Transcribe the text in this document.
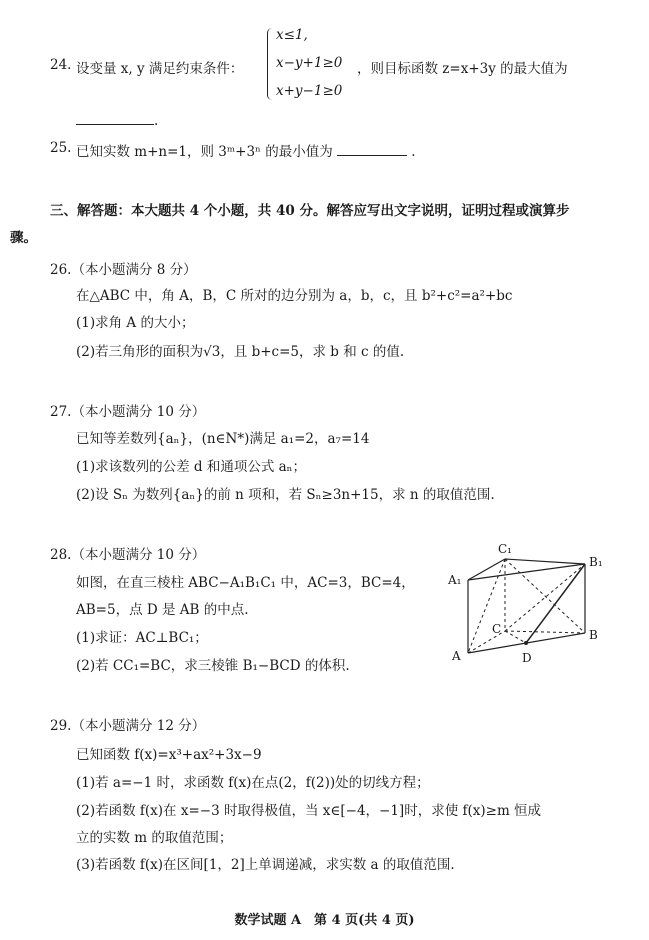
24. 设变量 x, y 满足约束条件：
x≤1,
x−y+1≥0
x+y−1≥0
，则目标函数 z=x+3y 的最大值为
.
25. 已知实数 m+n=1，则 3ᵐ+3ⁿ 的最小值为	.
三、解答题：本大题共 4 个小题，共 40 分。解答应写出文字说明，证明过程或演算步
骤。
26.（本小题满分 8 分）
在△ABC 中，角 A，B，C 所对的边分别为 a，b，c，且 b²+c²=a²+bc
(1)求角 A 的大小；
(2)若三角形的面积为√3，且 b+c=5，求 b 和 c 的值.
27.（本小题满分 10 分）
已知等差数列{aₙ}，(n∈N*)满足 a₁=2，a₇=14
(1)求该数列的公差 d 和通项公式 aₙ；
(2)设 Sₙ 为数列{aₙ}的前 n 项和，若 Sₙ≥3n+15，求 n 的取值范围.
28.（本小题满分 10 分）
如图，在直三棱柱 ABC−A₁B₁C₁ 中，AC=3，BC=4，
AB=5，点 D 是 AB 的中点.
(1)求证：AC⊥BC₁；
(2)若 CC₁=BC，求三棱锥 B₁−BCD 的体积.
C₁
B₁
A₁
C	B
A	D
29.（本小题满分 12 分）
已知函数 f(x)=x³+ax²+3x−9
(1)若 a=−1 时，求函数 f(x)在点(2，f(2))处的切线方程；
(2)若函数 f(x)在 x=−3 时取得极值，当 x∈[−4，−1]时，求使 f(x)≥m 恒成
立的实数 m 的取值范围；
(3)若函数 f(x)在区间[1，2]上单调递减，求实数 a 的取值范围.
数学试题 A　第 4 页(共 4 页)
